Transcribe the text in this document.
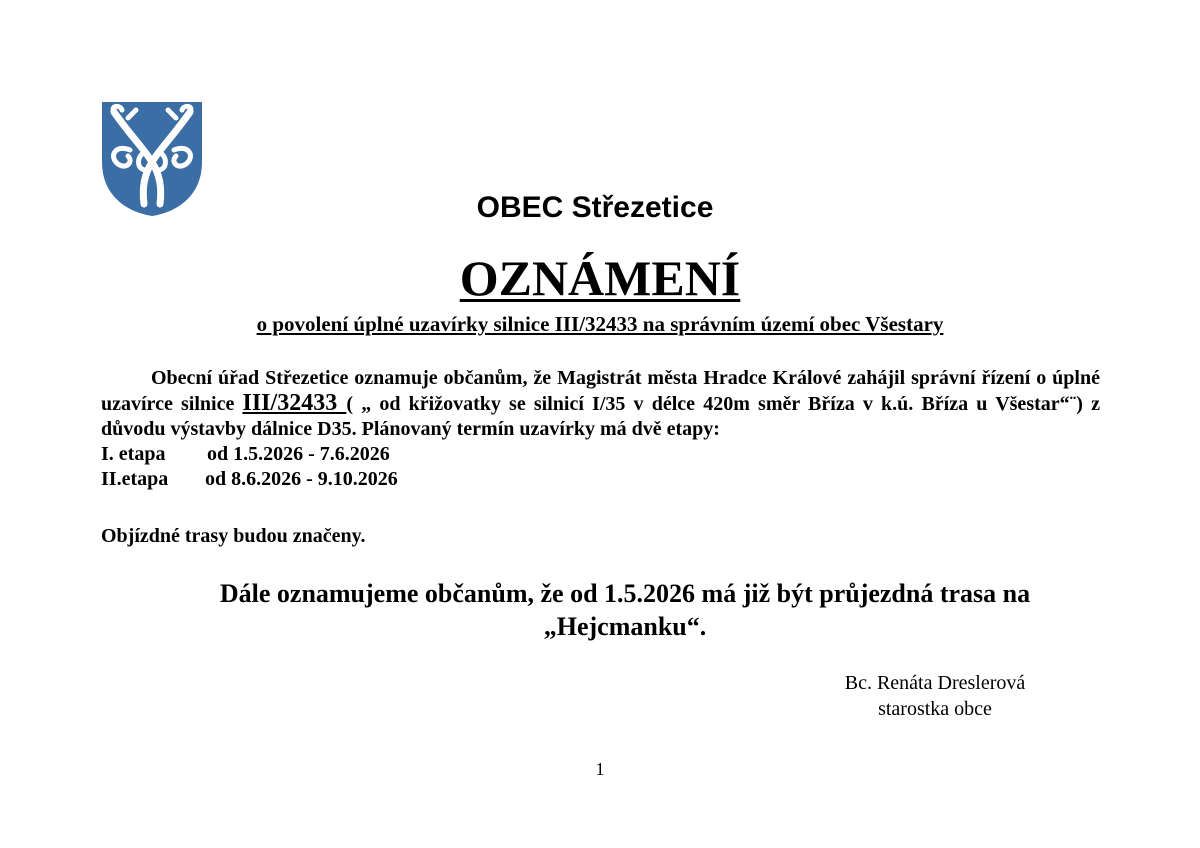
OBEC Střezetice
OZNÁMENÍ
o povolení úplné uzavírky silnice III/32433 na správním území obec Všestary

Obecní úřad Střezetice oznamuje občanům, že Magistrát města Hradce Králové zahájil správní řízení o úplné uzavírce silnice III/32433 ( „ od křižovatky se silnicí I/35 v délce 420m směr Bříza v k.ú. Bříza u Všestar“¨) z důvodu výstavby dálnice D35. Plánovaný termín uzavírky má dvě etapy:

I. etapa	od 1.5.2026 - 7.6.2026
II.etapa	od 8.6.2026 - 9.10.2026
Objízdné trasy budou značeny.
Dále oznamujeme občanům, že od 1.5.2026 má již být průjezdná trasa na
„Hejcmanku“.
Bc. Renáta Dreslerová
starostka obce
1
